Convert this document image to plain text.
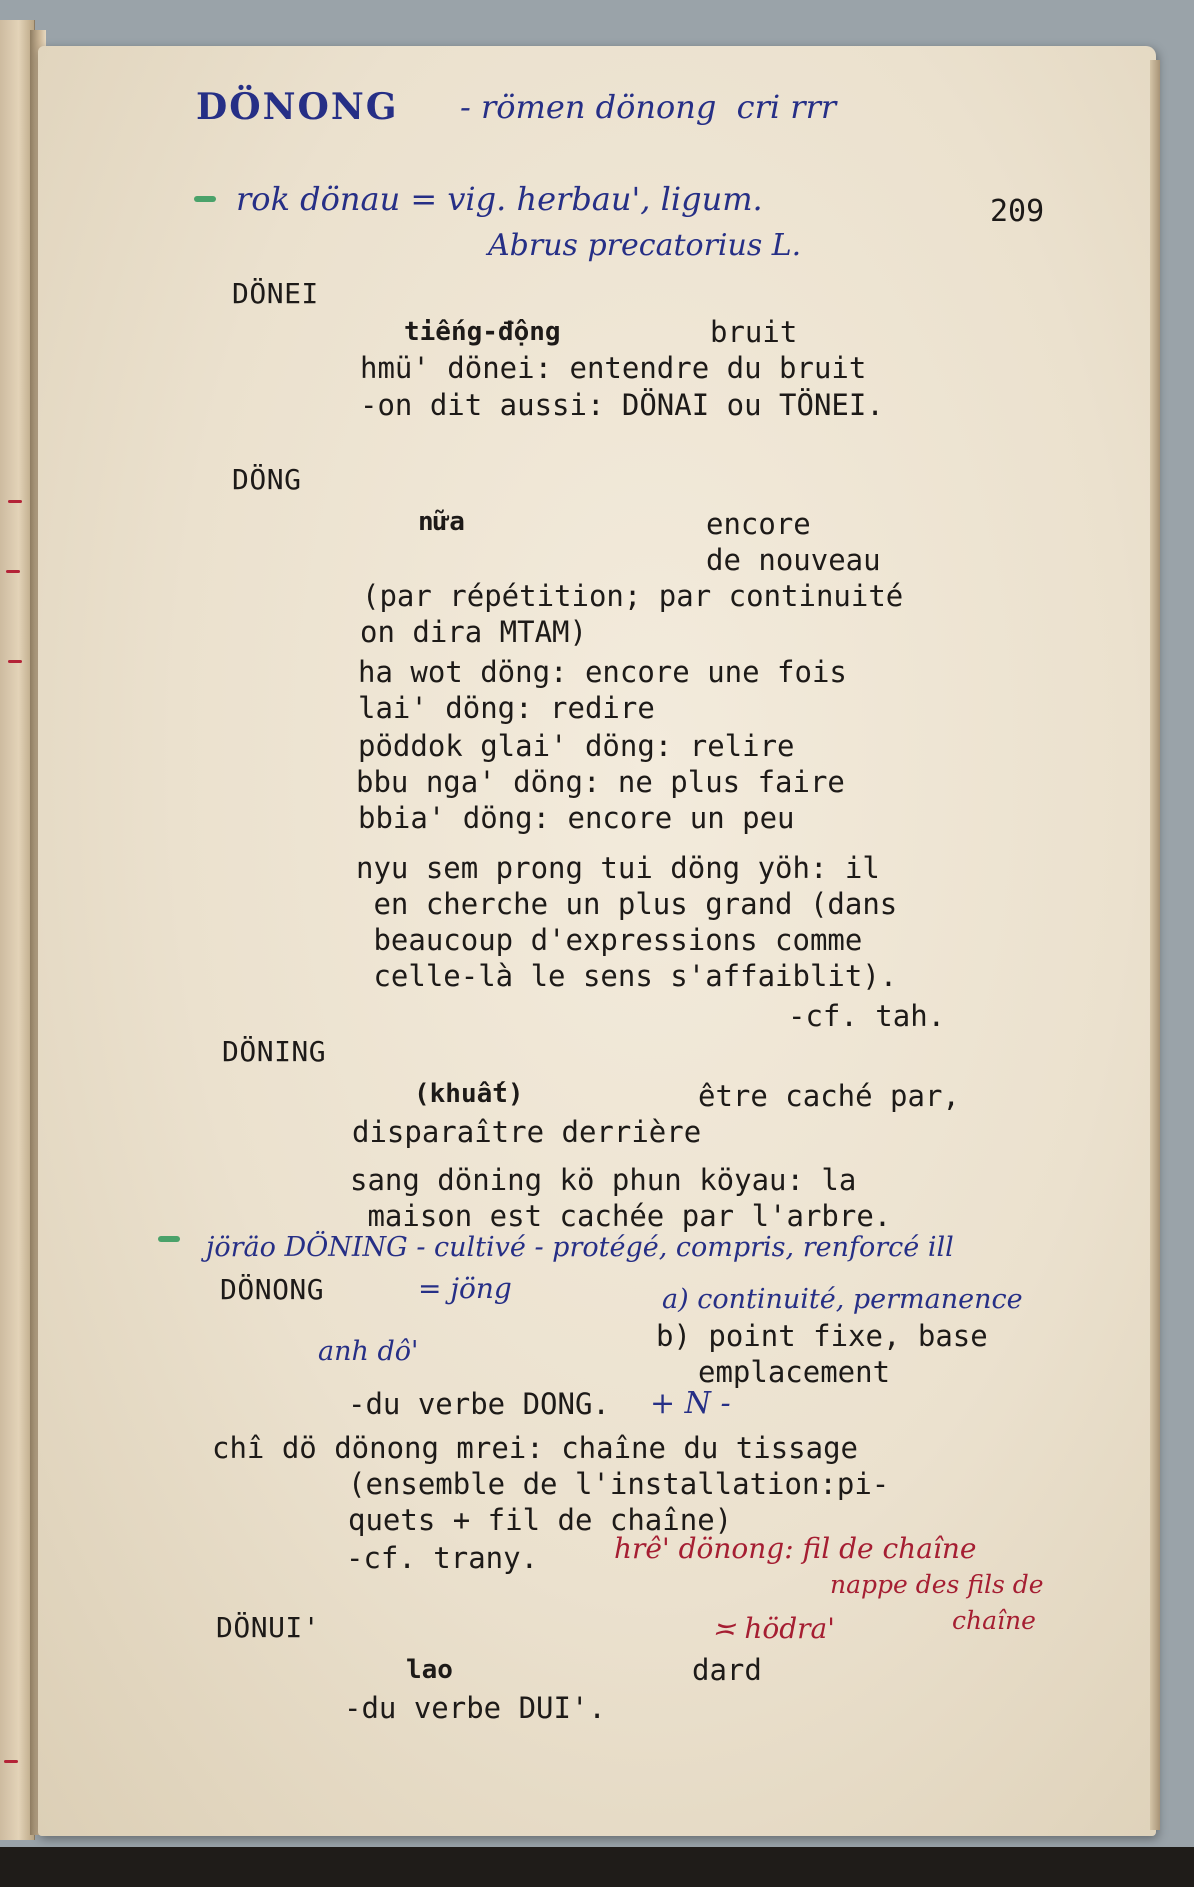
DÖNONG - römen dönong  cri rrr
rok dönau = vig. herbau', ligum.
Abrus precatorius L.
209
DÖNEI
tiếng-động	bruit
hmü' dönei: entendre du bruit
-on dit aussi: DÖNAI ou TÖNEI.
DÖNG
nữa	encore
de nouveau
(par répétition; par continuité
on dira MTAM)
ha wot döng: encore une fois
lai' döng: redire
pöddok glai' döng: relire
bbu nga' döng: ne plus faire
bbia' döng: encore un peu
nyu sem prong tui döng yöh: il
en cherche un plus grand (dans
beaucoup d'expressions comme
celle-là le sens s'affaiblit).
-cf. tah.
DÖNING
(khuất)	être caché par,
disparaître derrière
sang döning kö phun köyau: la
maison est cachée par l'arbre.
jöräo DÖNING - cultivé - protégé, compris, renforcé ill
= jöng	a) continuité, permanence
DÖNONG
b) point fixe, base
emplacement
anh dô'
-du verbe DONG. + N -
chî dö dönong mrei: chaîne du tissage
(ensemble de l'installation:pi-
quets + fil de chaîne)
-cf. trany.	hrê' dönong: fil de chaîne
nappe des fils de
≍ hödra'	chaîne
DÖNUI'
lao	dard
-du verbe DUI'.
